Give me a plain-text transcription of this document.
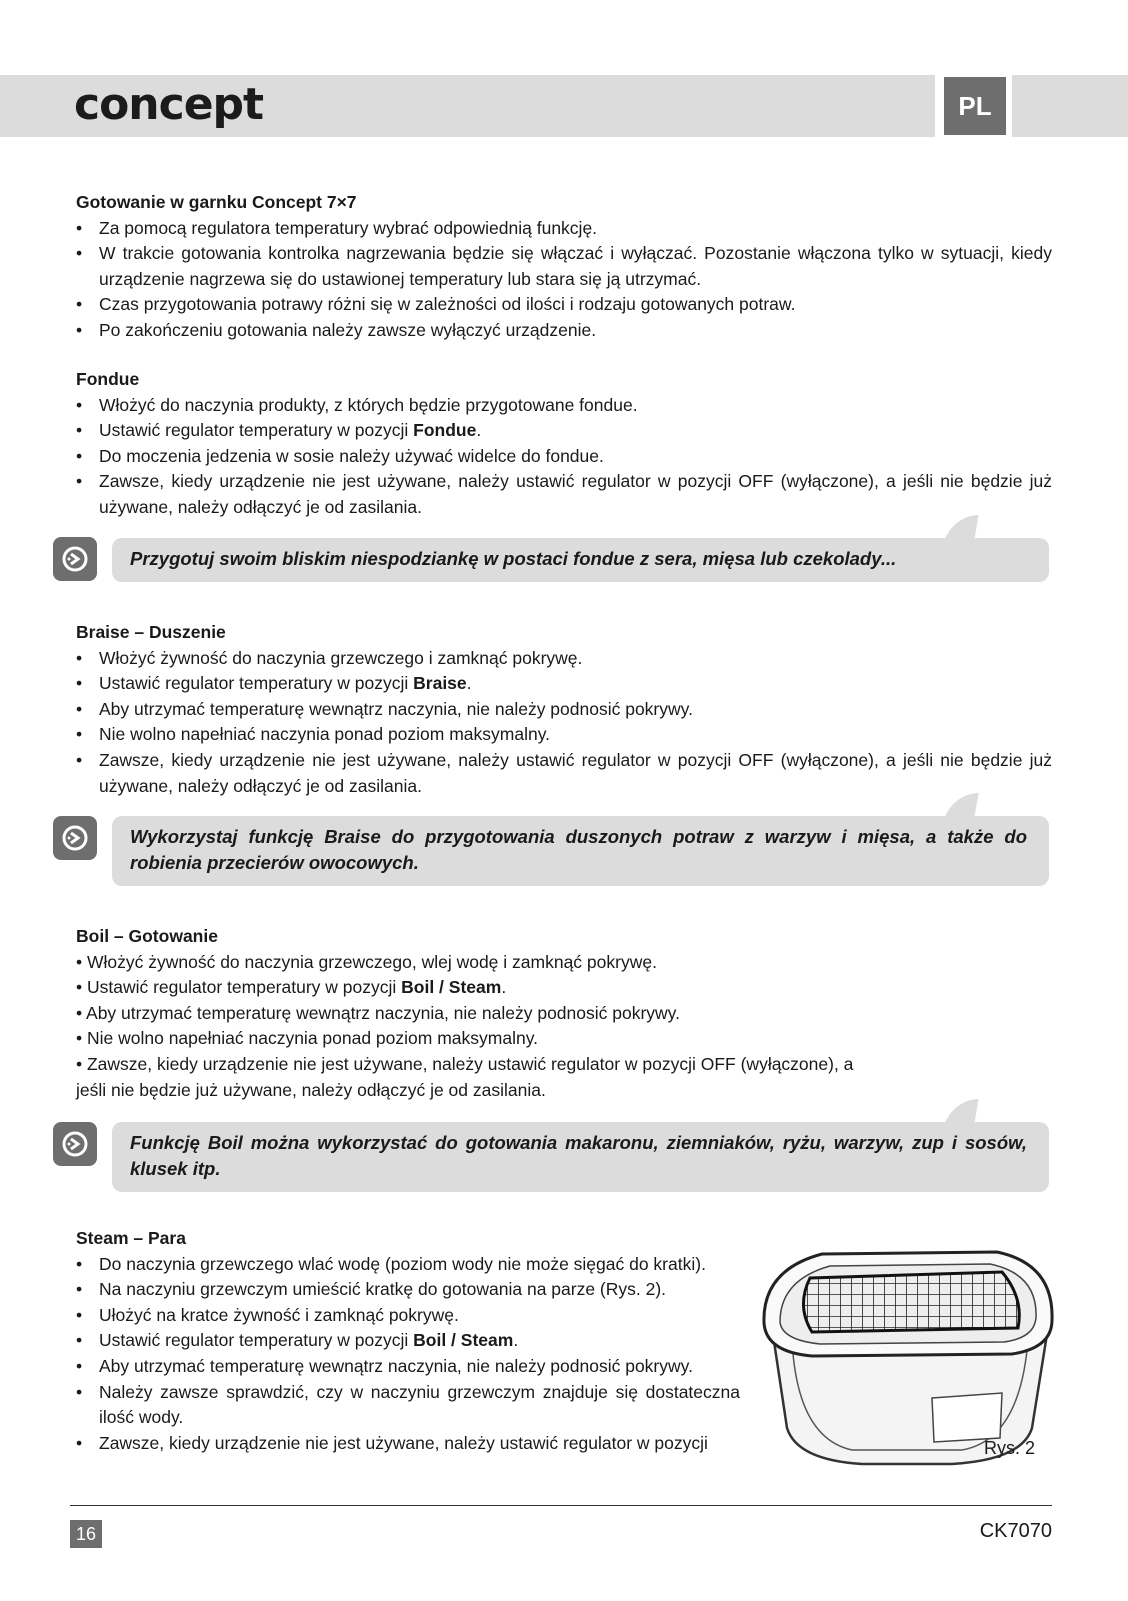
concept	PL

Gotowanie w garnku Concept 7×7

• Za pomocą regulatora temperatury wybrać odpowiednią funkcję.
• W trakcie gotowania kontrolka nagrzewania będzie się włączać i wyłączać. Pozostanie włączona tylko w sytuacji, kiedy urządzenie nagrzewa się do ustawionej temperatury lub stara się ją utrzymać.
• Czas przygotowania potrawy różni się w zależności od ilości i rodzaju gotowanych potraw.
• Po zakończeniu gotowania należy zawsze wyłączyć urządzenie.

Fondue

• Włożyć do naczynia produkty, z których będzie przygotowane fondue.
• Ustawić regulator temperatury w pozycji Fondue.
• Do moczenia jedzenia w sosie należy używać widelce do fondue.
• Zawsze, kiedy urządzenie nie jest używane, należy ustawić regulator w pozycji OFF (wyłączone), a jeśli nie będzie już używane, należy odłączyć je od zasilania.
Przygotuj swoim bliskim niespodziankę w postaci fondue z sera, mięsa lub czekolady...

Braise – Duszenie

• Włożyć żywność do naczynia grzewczego i zamknąć pokrywę.
• Ustawić regulator temperatury w pozycji Braise.
• Aby utrzymać temperaturę wewnątrz naczynia, nie należy podnosić pokrywy.
• Nie wolno napełniać naczynia ponad poziom maksymalny.
• Zawsze, kiedy urządzenie nie jest używane, należy ustawić regulator w pozycji OFF (wyłączone), a jeśli nie będzie już używane, należy odłączyć je od zasilania.
Wykorzystaj funkcję Braise do przygotowania duszonych potraw z warzyw i mięsa, a także do robienia przecierów owocowych.

Boil – Gotowanie

• Włożyć żywność do naczynia grzewczego, wlej wodę i zamknąć pokrywę.

• Ustawić regulator temperatury w pozycji Boil / Steam.

• Aby utrzymać temperaturę wewnątrz naczynia, nie należy podnosić pokrywy.

• Nie wolno napełniać naczynia ponad poziom maksymalny.

• Zawsze, kiedy urządzenie nie jest używane, należy ustawić regulator w pozycji OFF (wyłączone), a

jeśli nie będzie już używane, należy odłączyć je od zasilania.

Funkcję Boil można wykorzystać do gotowania makaronu, ziemniaków, ryżu, warzyw, zup i sosów, klusek itp.

Steam – Para

• Do naczynia grzewczego wlać wodę (poziom wody nie może sięgać do kratki).
• Na naczyniu grzewczym umieścić kratkę do gotowania na parze (Rys. 2).
• Ułożyć na kratce żywność i zamknąć pokrywę.
• Ustawić regulator temperatury w pozycji Boil / Steam.
• Aby utrzymać temperaturę wewnątrz naczynia, nie należy podnosić pokrywy.
• Należy zawsze sprawdzić, czy w naczyniu grzewczym znajduje się dostateczna ilość wody.
• Zawsze, kiedy urządzenie nie jest używane, należy ustawić regulator w pozycji	Rys. 2
16	CK7070
